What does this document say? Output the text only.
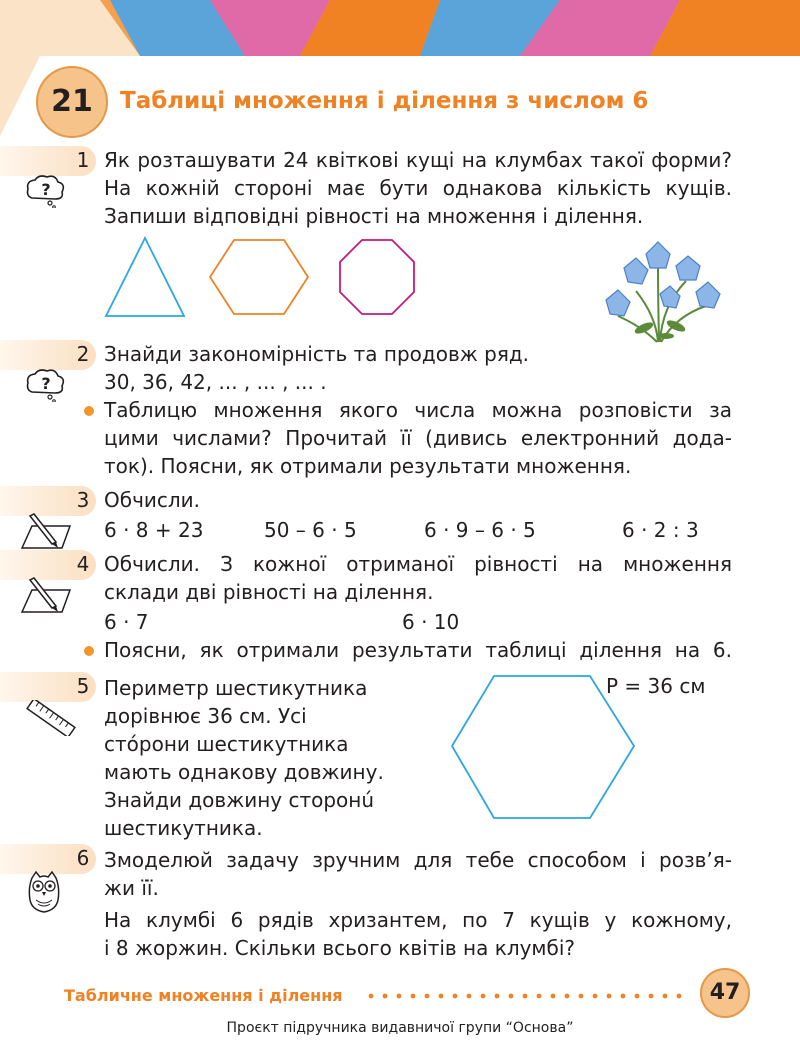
21	Таблиці множення і ділення з числом 6
1
?
Як розташувати 24 квіткові кущі на клумбах такої форми?
На кожній стороні має бути однакова кількість кущів.
Запиши відповідні рівності на множення і ділення.
2
?
Знайди закономірність та продовж ряд.
30, 36, 42, ... , ... , ... .
Таблицю множення якого числа можна розповісти за
цими числами? Прочитай її (дивись електронний дода-
ток). Поясни, як отримали результати множення.
3 Обчисли.
6 · 8 + 23	50 – 6 · 5	6 · 9 – 6 · 5	6 · 2 : 3
4 Обчисли. З кожної отриманої рівності на множення
склади дві рівності на ділення.
6 · 7	6 · 10
Поясни, як отримали результати таблиці ділення на 6.
5 Периметр шестикутника
дорівнює 36 см. Усі
стóрони шестикутника
мають однакову довжину.
Знайди довжину сторонú
шестикутника.
P = 36 см
6 Змоделюй задачу зручним для тебе способом і розв’я-
жи її.
На клумбі 6 рядів хризантем, по 7 кущів у кожному,
і 8 жоржин. Скільки всього квітів на клумбі?
Табличне множення і ділення	47
Проєкт підручника видавничої групи “Основа”
